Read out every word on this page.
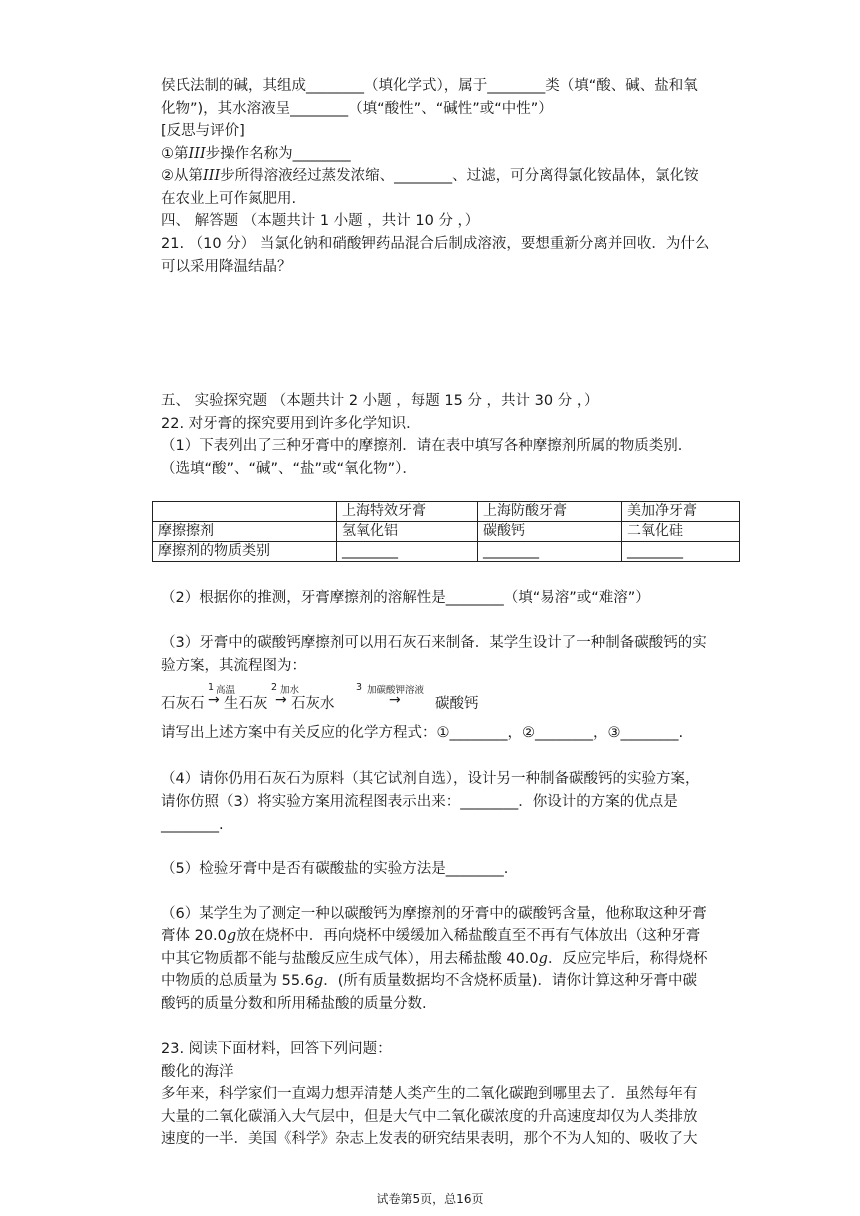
侯氏法制的碱，其组成________（填化学式），属于________类（填“酸、碱、盐和氧
化物”)，其水溶液呈________（填“酸性”、“碱性”或“中性”）
[反思与评价]
①第III步操作名称为________
②从第III步所得溶液经过蒸发浓缩、________、过滤，可分离得氯化铵晶体，氯化铵
在农业上可作氮肥用.
四、 解答题 （本题共计 1 小题 ，共计 10 分 ，）
21. （10 分） 当氯化钠和硝酸钾药品混合后制成溶液，要想重新分离并回收．为什么
可以采用降温结晶？
五、 实验探究题 （本题共计 2 小题 ，每题 15 分 ，共计 30 分 ，）
22. 对牙膏的探究要用到许多化学知识．
（1）下表列出了三种牙膏中的摩擦剂．请在表中填写各种摩擦剂所属的物质类别．
（选填“酸”、“碱”、“盐”或“氧化物”）．
	上海特效牙膏	上海防酸牙膏	美加净牙膏
摩擦擦剂	氢氧化铝	碳酸钙	二氧化硅
摩擦剂的物质类别	________	________	________
（2）根据你的推测，牙膏摩擦剂的溶解性是________（填“易溶”或“难溶”）
（3）牙膏中的碳酸钙摩擦剂可以用石灰石来制备．某学生设计了一种制备碳酸钙的实
验方案，其流程图为：
石灰石
1 高温
→ 生石灰
2 加水
→ 石灰水
3 加碳酸钾溶液
→ 碳酸钙
请写出上述方案中有关反应的化学方程式：①________，②________，③________.
（4）请你仍用石灰石为原料（其它试剂自选），设计另一种制备碳酸钙的实验方案，
请你仿照（3）将实验方案用流程图表示出来：________．你设计的方案的优点是
________.
（5）检验牙膏中是否有碳酸盐的实验方法是________.
（6）某学生为了测定一种以碳酸钙为摩擦剂的牙膏中的碳酸钙含量，他称取这种牙膏
膏体 20.0g放在烧杯中．再向烧杯中缓缓加入稀盐酸直至不再有气体放出（这种牙膏
中其它物质都不能与盐酸反应生成气体），用去稀盐酸 40.0g．反应完毕后，称得烧杯
中物质的总质量为 55.6g．(所有质量数据均不含烧杯质量)．请你计算这种牙膏中碳
酸钙的质量分数和所用稀盐酸的质量分数.
23. 阅读下面材料，回答下列问题：
酸化的海洋
多年来，科学家们一直竭力想弄清楚人类产生的二氧化碳跑到哪里去了．虽然每年有
大量的二氧化碳涌入大气层中，但是大气中二氧化碳浓度的升高速度却仅为人类排放
速度的一半．美国《科学》杂志上发表的研究结果表明，那个不为人知的、吸收了大
试卷第5页，总16页
